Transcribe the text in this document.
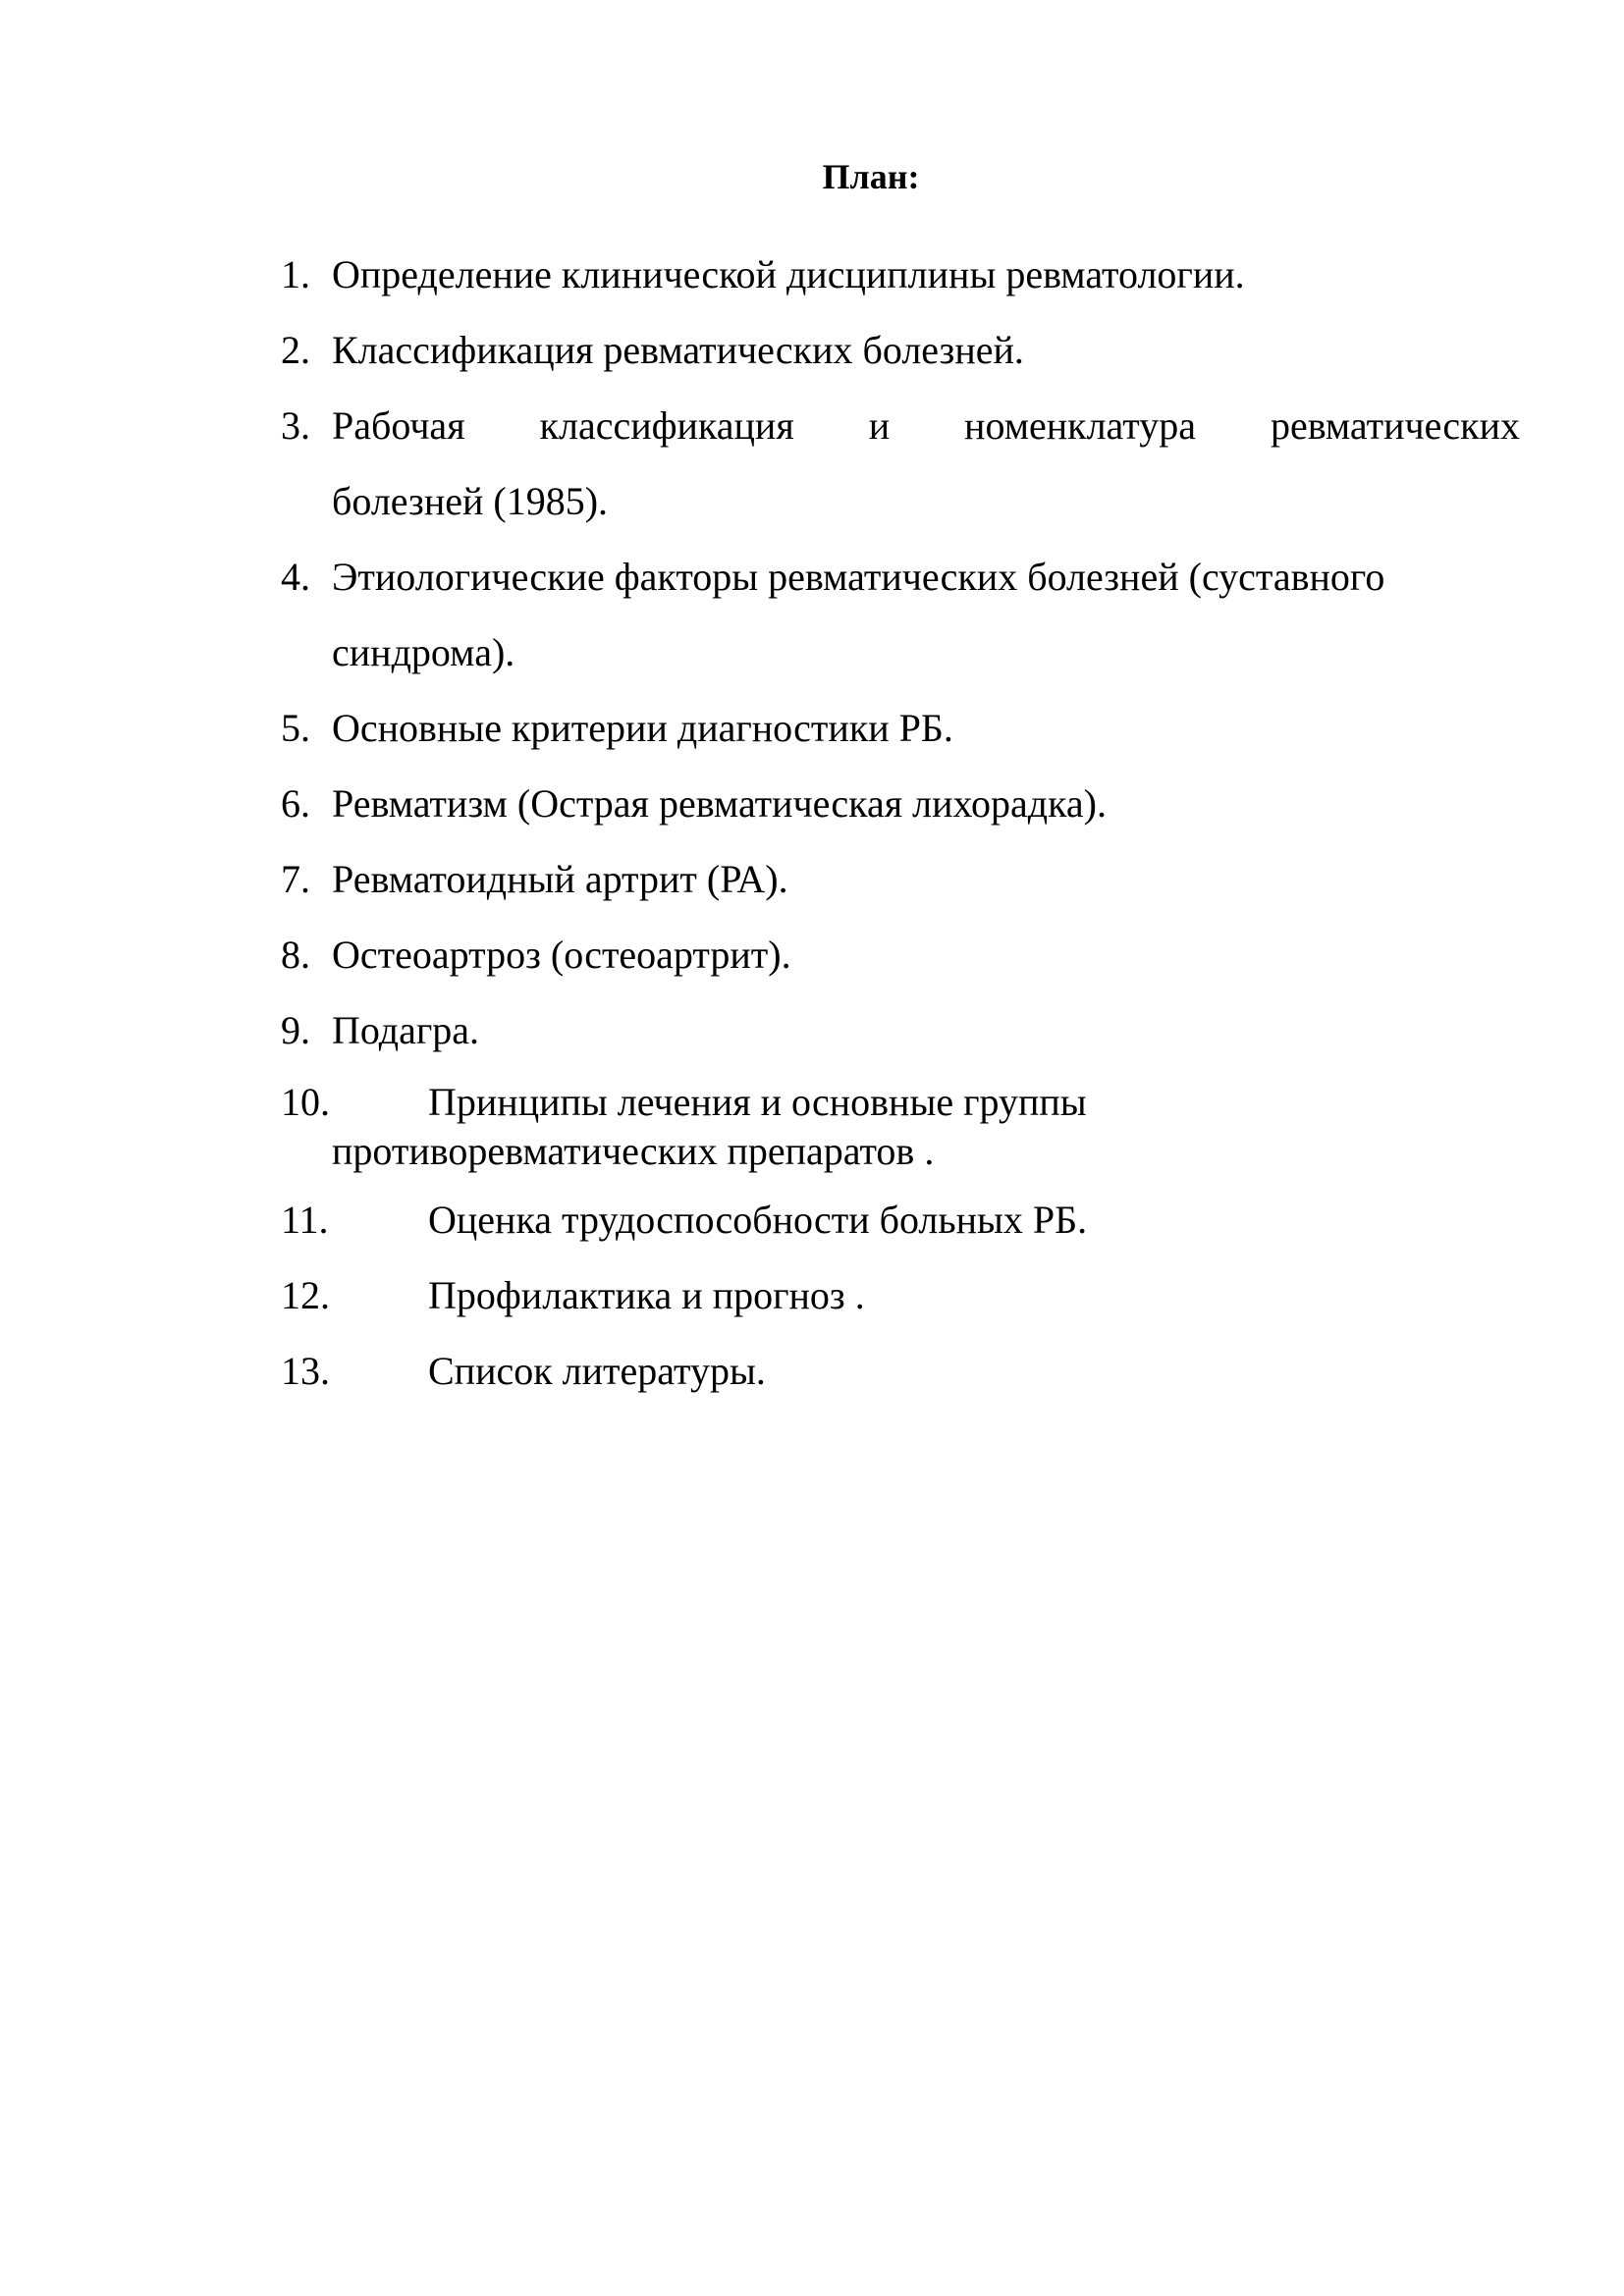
План:
1. Определение клинической дисциплины ревматологии.
2. Классификация ревматических болезней.
3. Рабочая классификация и номенклатура ревматических
болезней (1985).
4. Этиологические факторы ревматических болезней (суставного
синдрома).
5. Основные критерии диагностики РБ.
6. Ревматизм (Острая ревматическая лихорадка).
7. Ревматоидный артрит (РА).
8. Остеоартроз (остеоартрит).
9. Подагра.
10.	Принципы лечения и основные группы
противоревматических препаратов .
11.	Оценка трудоспособности больных РБ.
12.	Профилактика и прогноз .
13.	Список литературы.
